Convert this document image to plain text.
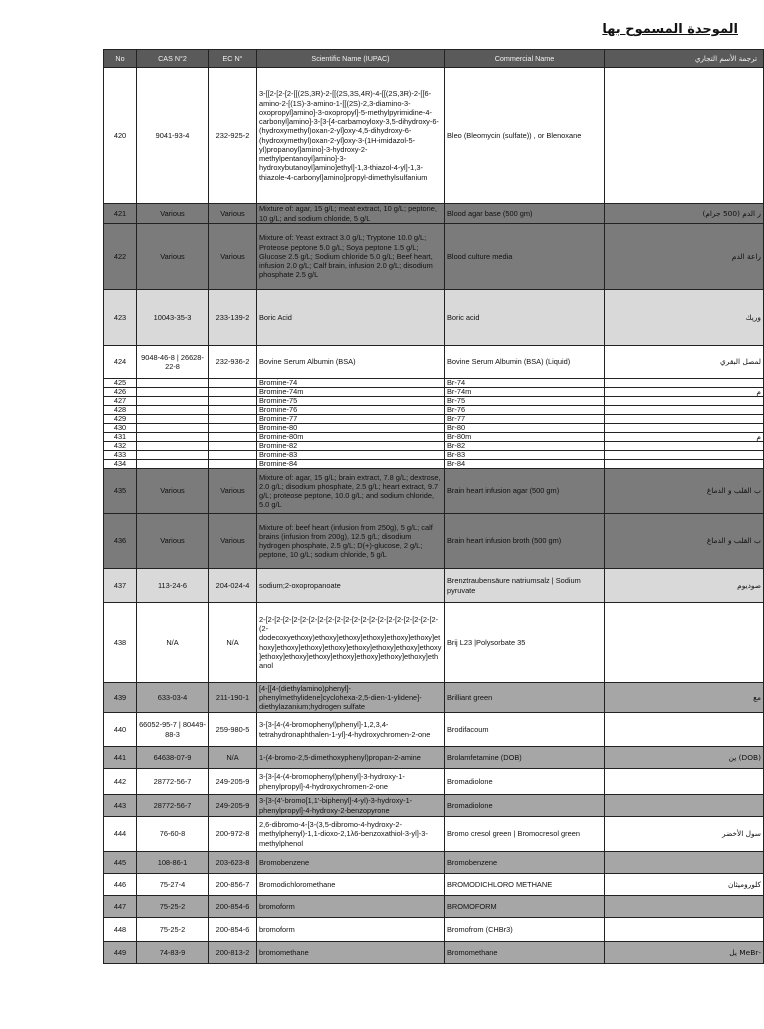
الموحدة المسموح بها
No	CAS N°2	EC N°	Scientific Name (IUPAC)	Commercial Name	ترجمة الأسم التجاري
420	9041-93-4	232-925-2	3-[[2-[2-[2-[[(2S,3R)-2-[[(2S,3S,4R)-4-[[(2S,3R)-2-[[6-amino-2-[(1S)-3-amino-1-[[(2S)-2,3-diamino-3-oxopropyl]amino]-3-oxopropyl]-5-methylpyrimidine-4-carbonyl]amino]-3-[3-[4-carbamoyloxy-3,5-dihydroxy-6-(hydroxymethyl)oxan-2-yl]oxy-4,5-dihydroxy-6-(hydroxymethyl)oxan-2-yl]oxy-3-(1H-imidazol-5-yl)propanoyl]amino]-3-hydroxy-2-methylpentanoyl]amino]-3-hydroxybutanoyl]amino]ethyl]-1,3-thiazol-4-yl]-1,3-thiazole-4-carbonyl]amino]propyl-dimethylsulfanium	Bleo (Bleomycin (sulfate)) , or Blenoxane	
421	Various	Various	Mixture of: agar, 15 g/L; meat extract, 10 g/L; peptone, 10 g/L; and sodium chloride, 5 g/L	Blood agar base (500 gm)	ر الدم (500 جرام)
422	Various	Various	Mixture of: Yeast extract 3.0 g/L; Tryptone 10.0 g/L; Proteose peptone 5.0 g/L; Soya peptone 1.5 g/L; Glucose 2.5 g/L; Sodium chloride 5.0 g/L; Beef heart, infusion 2.0 g/L; Calf brain, infusion 2.0 g/L; disodium phosphate 2.5 g/L	Blood culture media	راعة الدم
423	10043-35-3	233-139-2	Boric Acid	Boric acid	وريك
424	9048-46-8 | 26628-22-8	232-936-2	Bovine Serum Albumin (BSA)	Bovine Serum Albumin (BSA) (Liquid)	لمصل البقري
425			Bromine-74	Br-74	
426			Bromine-74m	Br-74m	م
427			Bromine-75	Br-75	
428			Bromine-76	Br-76	
429			Bromine-77	Br-77	
430			Bromine-80	Br-80	
431			Bromine-80m	Br-80m	م
432			Bromine-82	Br-82	
433			Bromine-83	Br-83	
434			Bromine-84	Br-84	
435	Various	Various	Mixture of: agar, 15 g/L; brain extract, 7.8 g/L; dextrose, 2.0 g/L; disodium phosphate, 2.5 g/L; heart extract, 9.7 g/L; proteose peptone, 10.0 g/L; and sodium chloride, 5.0 g/L	Brain heart infusion agar (500 gm)	ب القلب و الدماغ
436	Various	Various	Mixture of: beef heart (infusion from 250g), 5 g/L; calf brains (infusion from 200g), 12.5 g/L; disodium hydrogen phosphate, 2.5 g/L; D(+)-glucose, 2 g/L; peptone, 10 g/L; sodium chloride, 5 g/L	Brain heart infusion broth (500 gm)	ب القلب و الدماغ
437	113-24-6	204-024-4	sodium;2-oxopropanoate	Brenztraubensäure natriumsalz | Sodium pyruvate	صوديوم
438	N/A	N/A	2-[2-[2-[2-[2-[2-[2-[2-[2-[2-[2-[2-[2-[2-[2-[2-[2-[2-[2-[2-[2-(2-dodecoxyethoxy)ethoxy]ethoxy]ethoxy]ethoxy]ethoxy]ethoxy]ethoxy]ethoxy]ethoxy]ethoxy]ethoxy]ethoxy]ethoxy]ethoxy]ethoxy]ethoxy]ethoxy]ethoxy]ethoxy]ethoxy]ethanol	Brij L23 |Polysorbate 35	
439	633-03-4	211-190-1	[4-[[4-(diethylamino)phenyl]-phenylmethylidene]cyclohexa-2,5-dien-1-ylidene]-diethylazanium;hydrogen sulfate	Brilliant green	مع
440	66052-95-7 | 80449-88-3	259-980-5	3-[3-[4-(4-bromophenyl)phenyl]-1,2,3,4-tetrahydronaphthalen-1-yl]-4-hydroxychromen-2-one	Brodifacoum	
441	64638-07-9	N/A	1-(4-bromo-2,5-dimethoxyphenyl)propan-2-amine	Brolamfetamine (DOB)	(DOB) ين
442	28772-56-7	249-205-9	3-[3-[4-(4-bromophenyl)phenyl]-3-hydroxy-1-phenylpropyl]-4-hydroxychromen-2-one	Bromadiolone	
443	28772-56-7	249-205-9	3-[3-(4'-bromo[1,1'-biphenyl]-4-yl)-3-hydroxy-1-phenylpropyl]-4-hydroxy-2-benzopyrone	Bromadiolone	
444	76-60-8	200-972-8	2,6-dibromo-4-[3-(3,5-dibromo-4-hydroxy-2-methylphenyl)-1,1-dioxo-2,1λ6-benzoxathiol-3-yl]-3-methylphenol	Bromo cresol green | Bromocresol green	سول الأخضر
445	108-86-1	203-623-8	Bromobenzene	Bromobenzene	
446	75-27-4	200-856-7	Bromodichloromethane	BROMODICHLORO METHANE	كلوروميثان
447	75-25-2	200-854-6	bromoform	BROMOFORM	
448	75-25-2	200-854-6	bromoform	Bromofrom (CHBr3)	
449	74-83-9	200-813-2	bromomethane	Bromomethane	-MeBr يل
